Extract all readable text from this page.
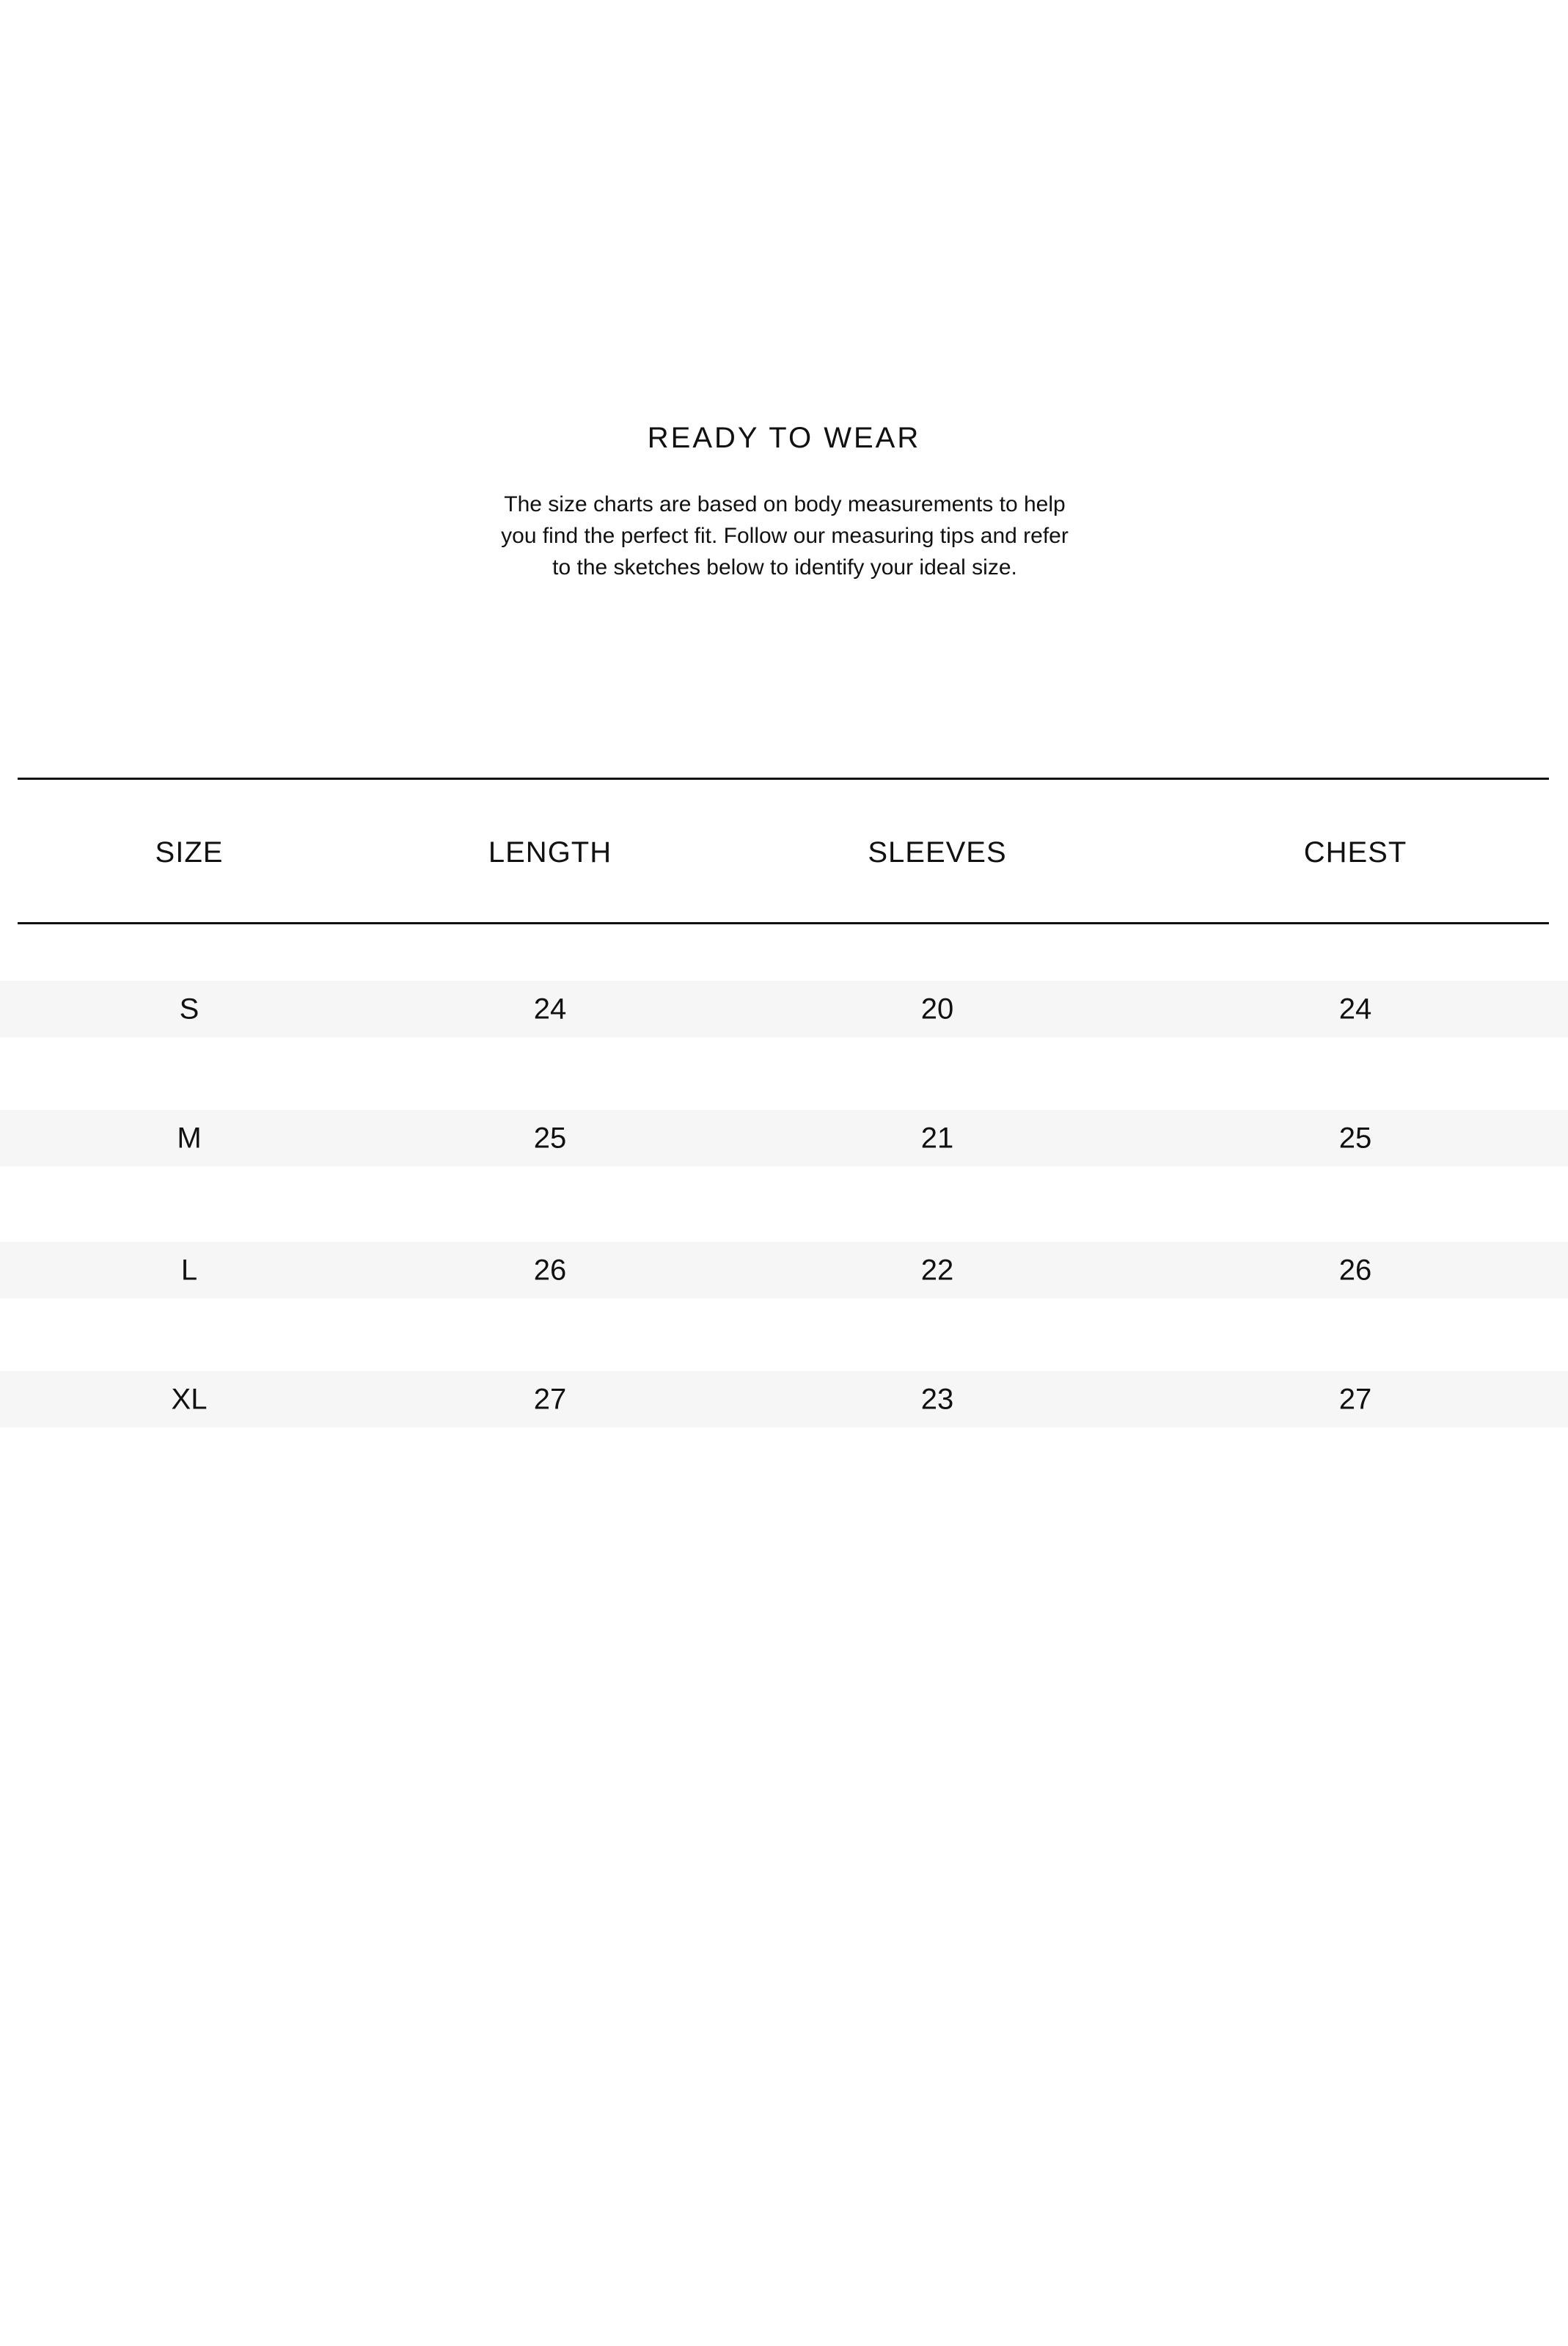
READY TO WEAR

The size charts are based on body measurements to help
you find the perfect fit. Follow our measuring tips and refer
to the sketches below to identify your ideal size.

SIZE	LENGTH	SLEEVES	CHEST
S	24	20	24
M	25	21	25
L	26	22	26
XL	27	23	27
